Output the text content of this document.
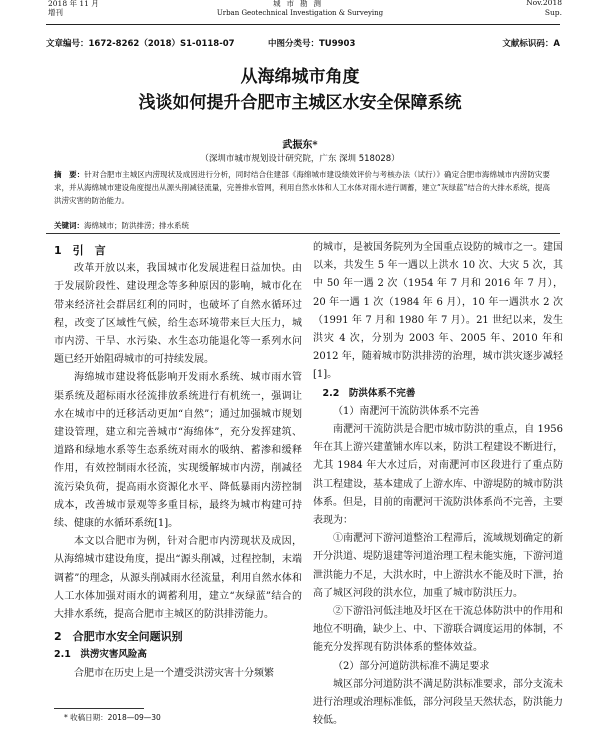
2018 年 11 月
增刊
城市勘测
Urban Geotechnical Investigation & Surveying
Nov.2018
Sup.
文章编号：1672-8262（2018）S1-0118-07	中图分类号：TU9903	文献标识码：A
从海绵城市角度
浅谈如何提升合肥市主城区水安全保障系统
武振东*
（深圳市城市规划设计研究院，广东 深圳 518028）
摘　要：针对合肥市主城区内涝现状及成因进行分析，同时结合住建部《海绵城市建设绩效评价与考核办法（试行）》确定合肥市海绵城市内涝防灾要求，并从海绵城市建设角度提出从源头削减径流量，完善排水管网，利用自然水体和人工水体对雨水进行调蓄，建立“灰绿蓝”结合的大排水系统，提高洪涝灾害的防治能力。
关键词：海绵城市；防洪排涝；排水系统
1　引　言

改革开放以来，我国城市化发展进程日益加快。由于发展阶段性、建设理念等多种原因的影响，城市化在带来经济社会群居红利的同时，也破坏了自然水循环过程，改变了区域性气候，给生态环境带来巨大压力，城市内涝、干旱、水污染、水生态功能退化等一系列水问题已经开始阻碍城市的可持续发展。

海绵城市建设将低影响开发雨水系统、城市雨水管渠系统及超标雨水径流排放系统进行有机统一，强调让水在城市中的迁移活动更加“自然”；通过加强城市规划建设管理，建立和完善城市“海绵体”，充分发挥建筑、道路和绿地水系等生态系统对雨水的吸纳、蓄渗和缓释作用，有效控制雨水径流，实现缓解城市内涝，削减径流污染负荷，提高雨水资源化水平、降低暴雨内涝控制成本，改善城市景观等多重目标，最终为城市构建可持续、健康的水循环系统[1]。

本文以合肥市为例，针对合肥市内涝现状及成因，从海绵城市建设角度，提出“源头削减，过程控制，末端调蓄”的理念，从源头削减雨水径流量，利用自然水体和人工水体加强对雨水的调蓄利用，建立“灰绿蓝”结合的大排水系统，提高合肥市主城区的防洪排涝能力。

2　合肥市水安全问题识别
2.1　洪涝灾害风险高

合肥市在历史上是一个遭受洪涝灾害十分频繁

的城市，是被国务院列为全国重点设防的城市之一。建国以来，共发生 5 年一遇以上洪水 10 次、大灾 5 次，其中 50 年一遇 2 次（1954 年 7 月和 2016 年 7 月），20 年一遇 1 次（1984 年 6 月），10 年一遇洪水 2 次（1991 年 7 月和 1980 年 7 月）。21 世纪以来，发生洪灾 4 次，分别为 2003 年、2005 年、2010 年和 2012 年，随着城市防洪排涝的治理，城市洪灾逐步减轻[1]。

2.2　防洪体系不完善
（1）南淝河干流防洪体系不完善

南淝河干流防洪是合肥市城市防洪的重点，自 1956 年在其上游兴建董铺水库以来，防洪工程建设不断进行，尤其 1984 年大水过后，对南淝河市区段进行了重点防洪工程建设，基本建成了上游水库、中游堤防的城市防洪体系。但是，目前的南淝河干流防洪体系尚不完善，主要表现为：

①南淝河下游河道整治工程滞后，流域规划确定的新开分洪道、堤防退建等河道治理工程未能实施，下游河道泄洪能力不足，大洪水时，中上游洪水不能及时下泄，抬高了城区河段的洪水位，加重了城市防洪压力。

②下游沿河低洼地及圩区在干流总体防洪中的作用和地位不明确，缺少上、中、下游联合调度运用的体制，不能充分发挥现有防洪体系的整体效益。

（2）部分河道防洪标准不满足要求

城区部分河道防洪不满足防洪标准要求，部分支流未进行治理或治理标准低，部分河段呈天然状态，防洪能力较低。

* 收稿日期：2018—09—30
